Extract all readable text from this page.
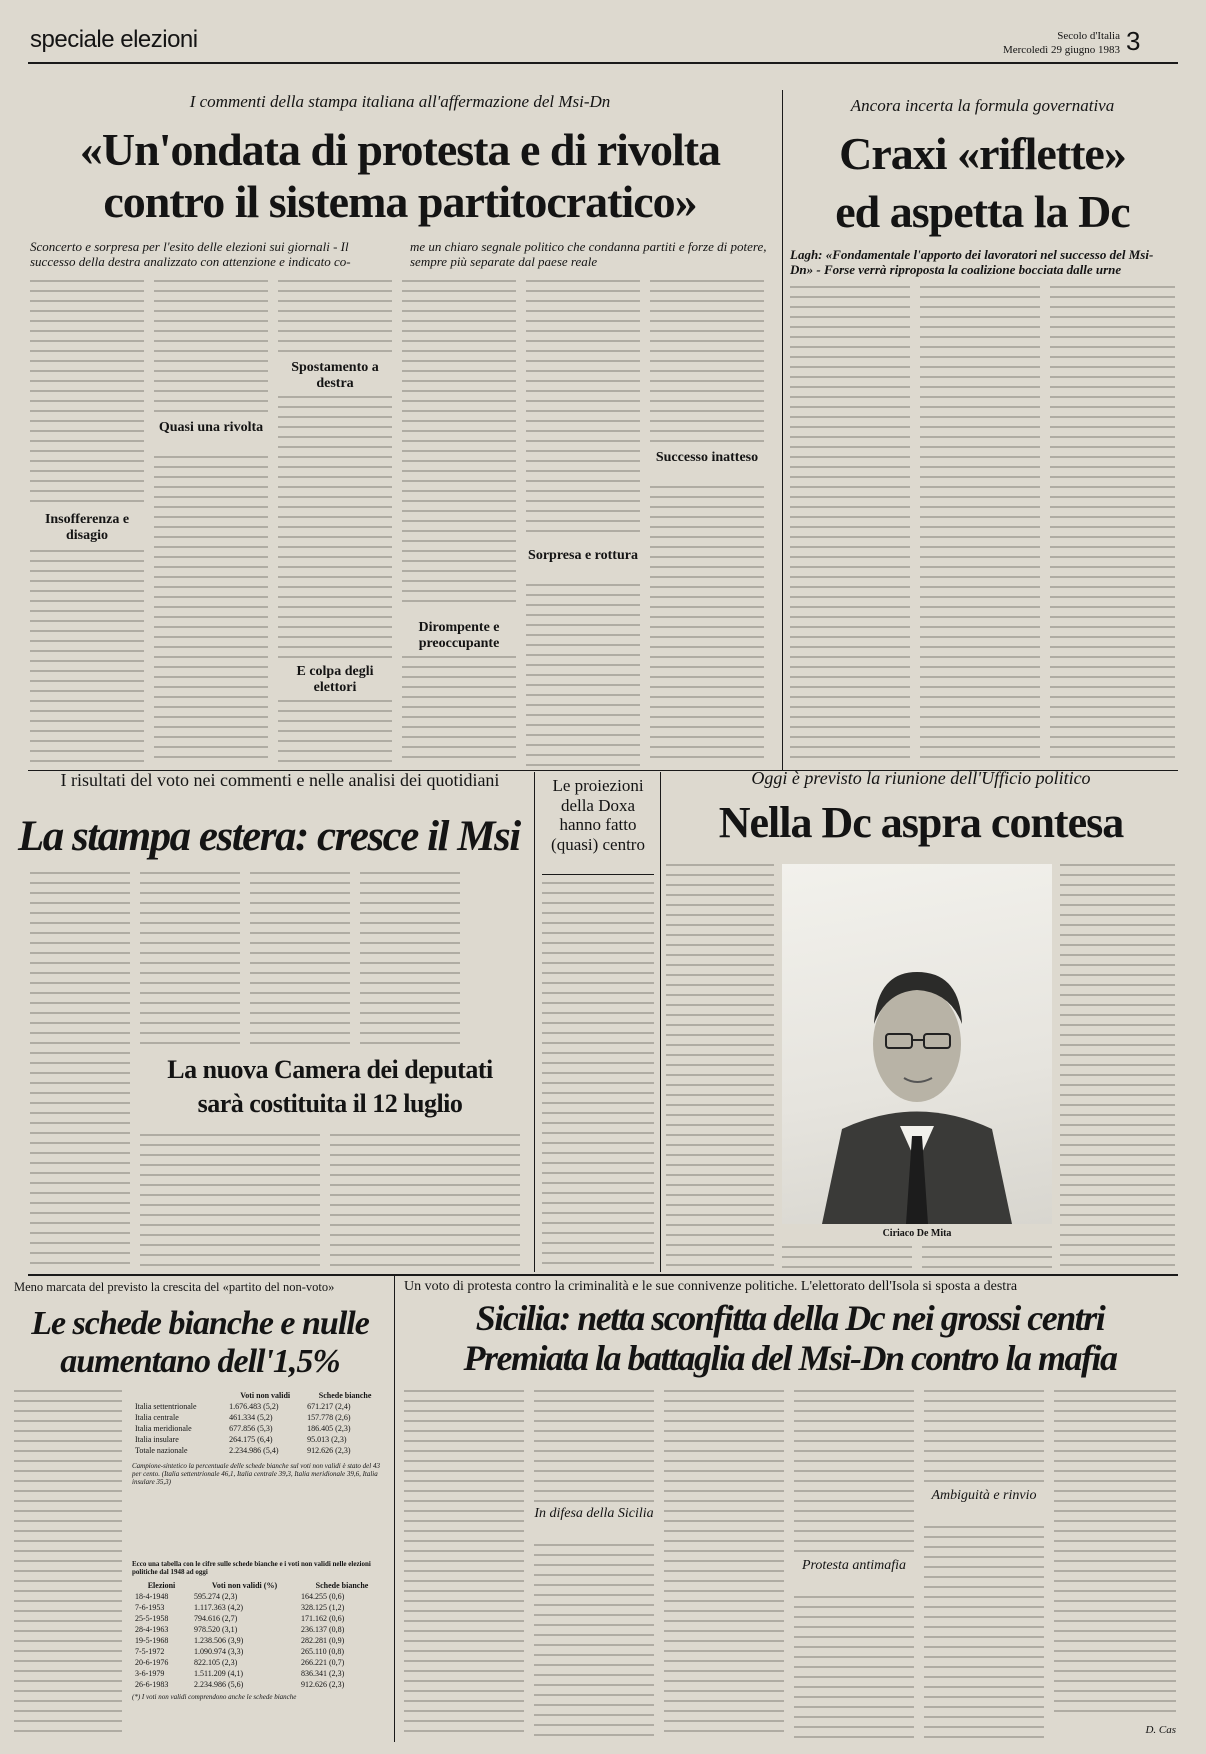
speciale elezioni	Secolo d'Italia
Mercoledì 29 giugno 1983 3
I commenti della stampa italiana all'affermazione del Msi-Dn
«Un'ondata di protesta e di rivolta
contro il sistema partitocratico»
Sconcerto e sorpresa per l'esito delle elezioni sui giornali - Il successo della destra analizzato con attenzione e indicato co-
me un chiaro segnale politico che condanna partiti e forze di potere, sempre più separate dal paese reale
Insofferenza e disagio
Quasi una rivolta
Spostamento a destra
E colpa degli elettori
Dirompente e preoccupante
Sorpresa e rottura
Successo inatteso
Ancora incerta la formula governativa
Craxi «riflette»
ed aspetta la Dc
Lagh: «Fondamentale l'apporto dei lavoratori nel successo del Msi-Dn» - Forse verrà riproposta la coalizione bocciata dalle urne
I risultati del voto nei commenti e nelle analisi dei quotidiani
La stampa estera: cresce il Msi
La nuova Camera dei deputati
sarà costituita il 12 luglio
Le proiezioni della Doxa hanno fatto (quasi) centro
Oggi è previsto la riunione dell'Ufficio politico
Nella Dc aspra contesa
Ciriaco De Mita
Meno marcata del previsto la crescita del «partito del non-voto»
Le schede bianche e nulle
aumentano dell'1,5%
	Voti non validi	Schede bianche
Italia settentrionale	1.676.483 (5,2)	671.217 (2,4)
Italia centrale	461.334 (5,2)	157.778 (2,6)
Italia meridionale	677.856 (5,3)	186.405 (2,3)
Italia insulare	264.175 (6,4)	95.013 (2,3)
Totale nazionale	2.234.986 (5,4)	912.626 (2,3)
Campione-sintetico la percentuale delle schede bianche sul voti non validi è stato del 43 per cento. (Italia settentrionale 46,1, Italia centrale 39,3, Italia meridionale 39,6, Italia insulare 35,3)
Ecco una tabella con le cifre sulle schede bianche e i voti non validi nelle elezioni politiche dal 1948 ad oggi
Elezioni	Voti non validi (%)	Schede bianche
18-4-1948	595.274 (2,3)	164.255 (0,6)
7-6-1953	1.117.363 (4,2)	328.125 (1,2)
25-5-1958	794.616 (2,7)	171.162 (0,6)
28-4-1963	978.520 (3,1)	236.137 (0,8)
19-5-1968	1.238.506 (3,9)	282.281 (0,9)
7-5-1972	1.090.974 (3,3)	265.110 (0,8)
20-6-1976	822.105 (2,3)	266.221 (0,7)
3-6-1979	1.511.209 (4,1)	836.341 (2,3)
26-6-1983	2.234.986 (5,6)	912.626 (2,3)
(*) I voti non validi comprendono anche le schede bianche
Un voto di protesta contro la criminalità e le sue connivenze politiche. L'elettorato dell'Isola si sposta a destra
Sicilia: netta sconfitta della Dc nei grossi centri
Premiata la battaglia del Msi-Dn contro la mafia
In difesa della Sicilia
Protesta antimafia
Ambiguità e rinvio
D. Cas
